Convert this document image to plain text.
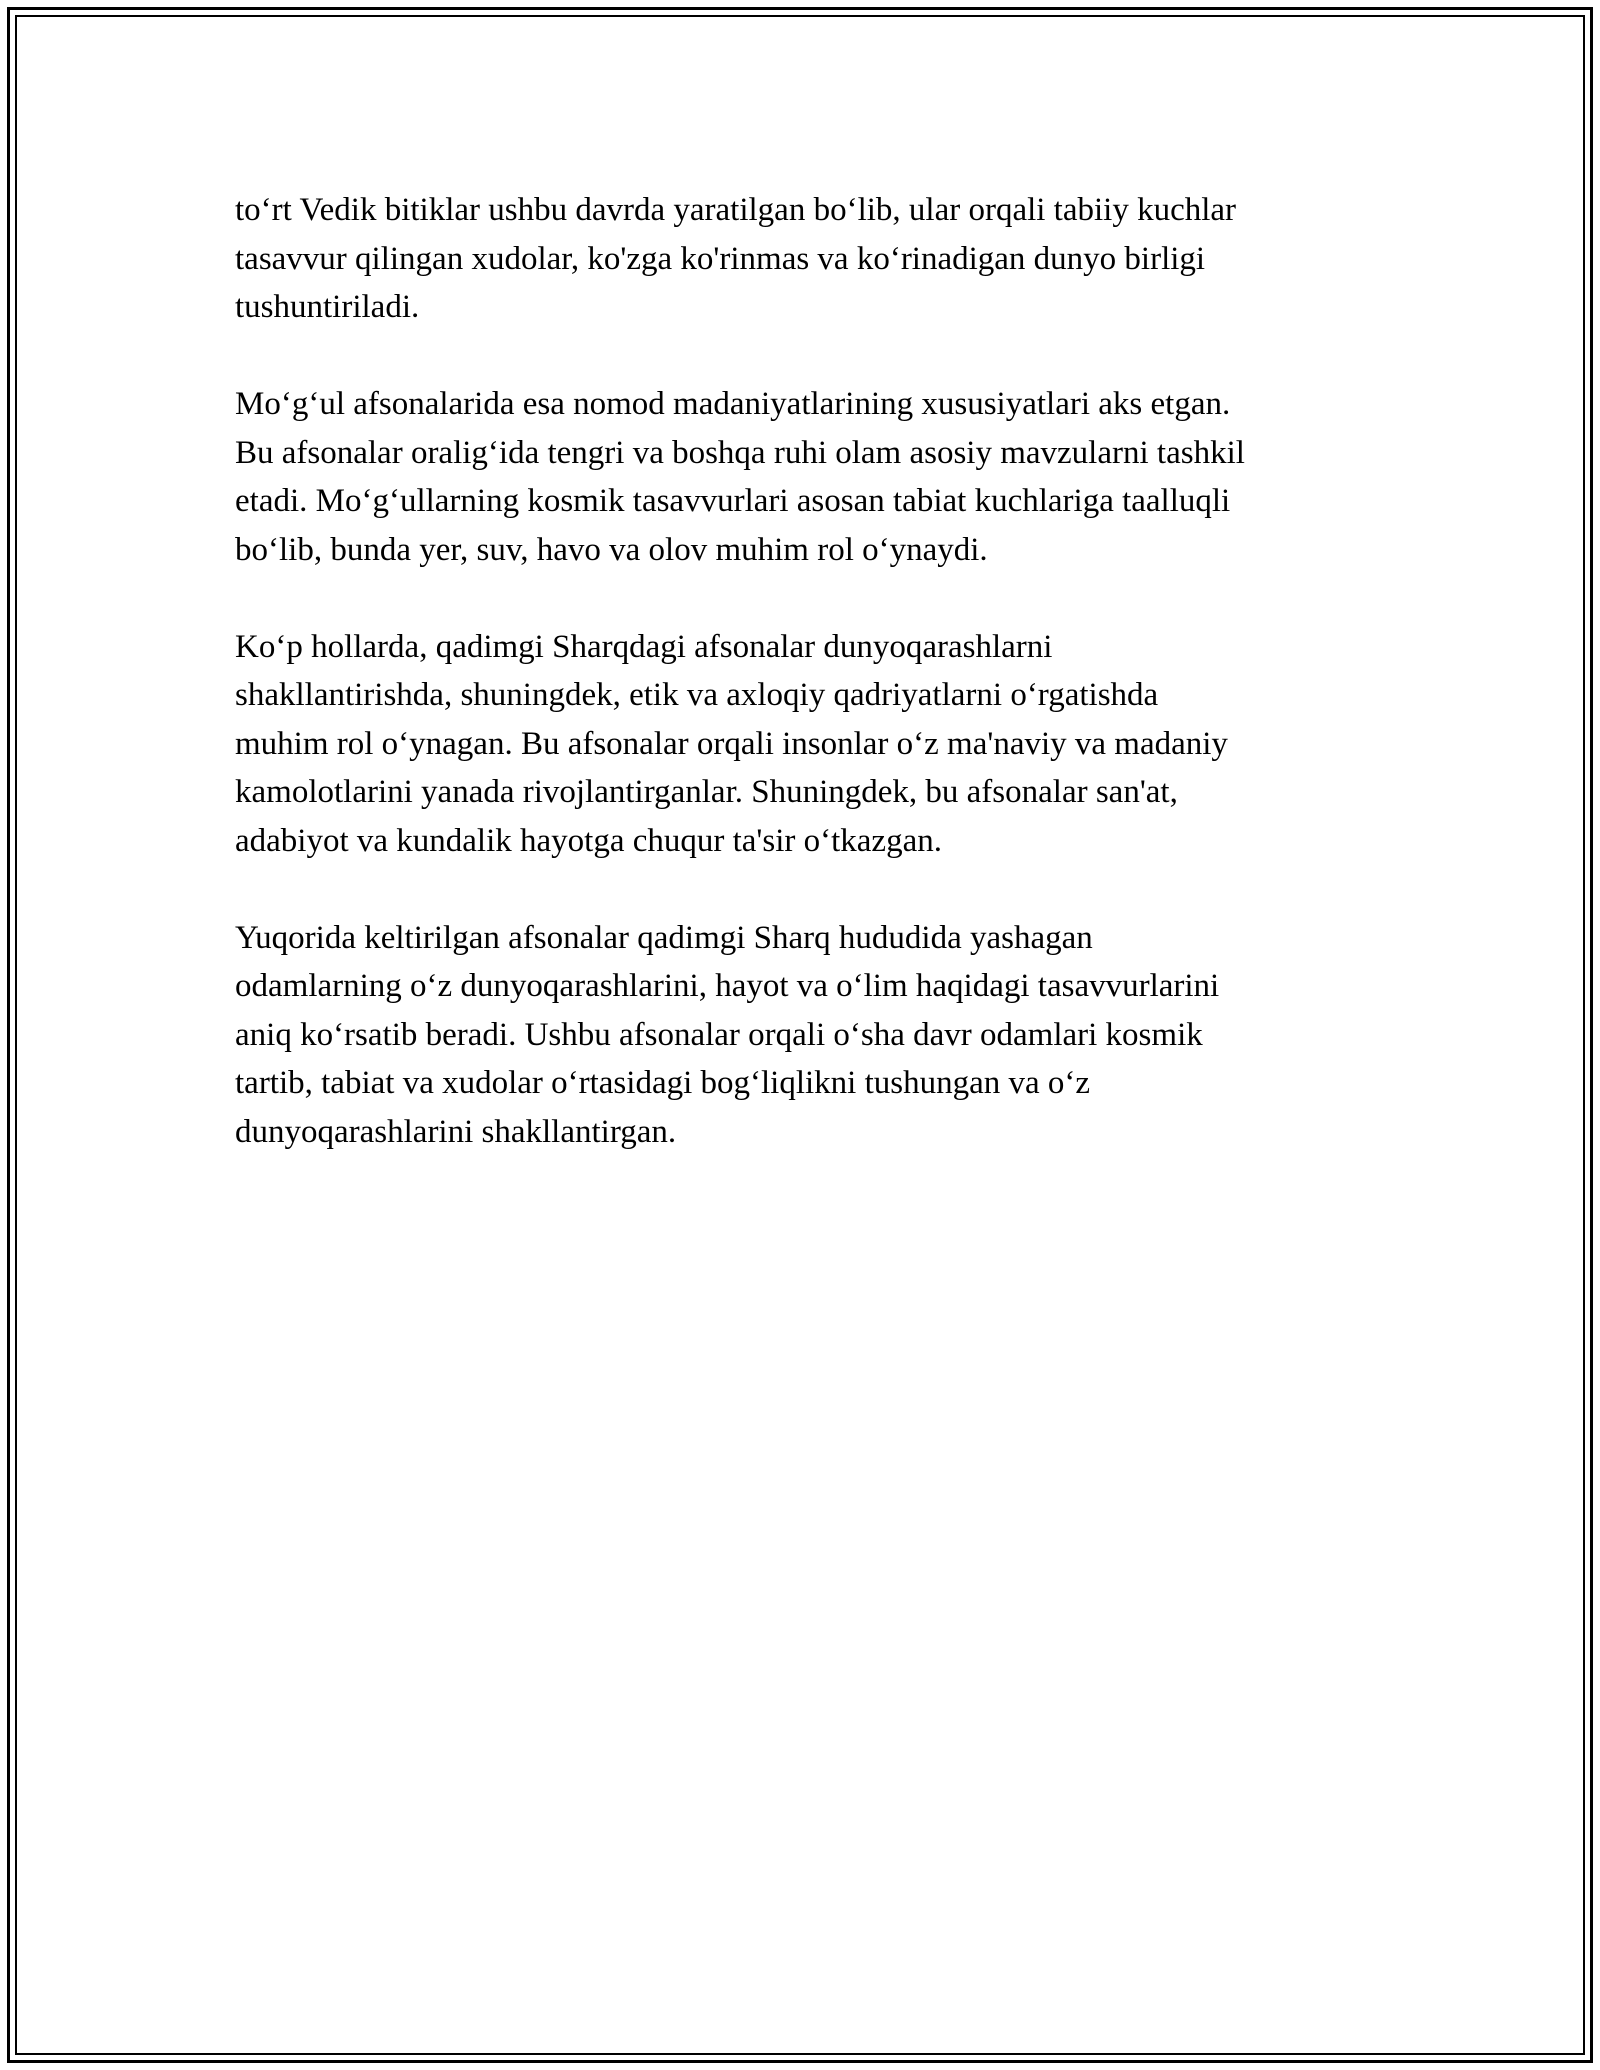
to‘rt Vedik bitiklar ushbu davrda yaratilgan bo‘lib, ular orqali tabiiy kuchlar
tasavvur qilingan xudolar, ko'zga ko'rinmas va ko‘rinadigan dunyo birligi
tushuntiriladi.

Mo‘g‘ul afsonalarida esa nomod madaniyatlarining xususiyatlari aks etgan.
Bu afsonalar oralig‘ida tengri va boshqa ruhi olam asosiy mavzularni tashkil
etadi. Mo‘g‘ullarning kosmik tasavvurlari asosan tabiat kuchlariga taalluqli
bo‘lib, bunda yer, suv, havo va olov muhim rol o‘ynaydi.

Ko‘p hollarda, qadimgi Sharqdagi afsonalar dunyoqarashlarni
shakllantirishda, shuningdek, etik va axloqiy qadriyatlarni o‘rgatishda
muhim rol o‘ynagan. Bu afsonalar orqali insonlar o‘z ma'naviy va madaniy
kamolotlarini yanada rivojlantirganlar. Shuningdek, bu afsonalar san'at,
adabiyot va kundalik hayotga chuqur ta'sir o‘tkazgan.

Yuqorida keltirilgan afsonalar qadimgi Sharq hududida yashagan
odamlarning o‘z dunyoqarashlarini, hayot va o‘lim haqidagi tasavvurlarini
aniq ko‘rsatib beradi. Ushbu afsonalar orqali o‘sha davr odamlari kosmik
tartib, tabiat va xudolar o‘rtasidagi bog‘liqlikni tushungan va o‘z
dunyoqarashlarini shakllantirgan.
